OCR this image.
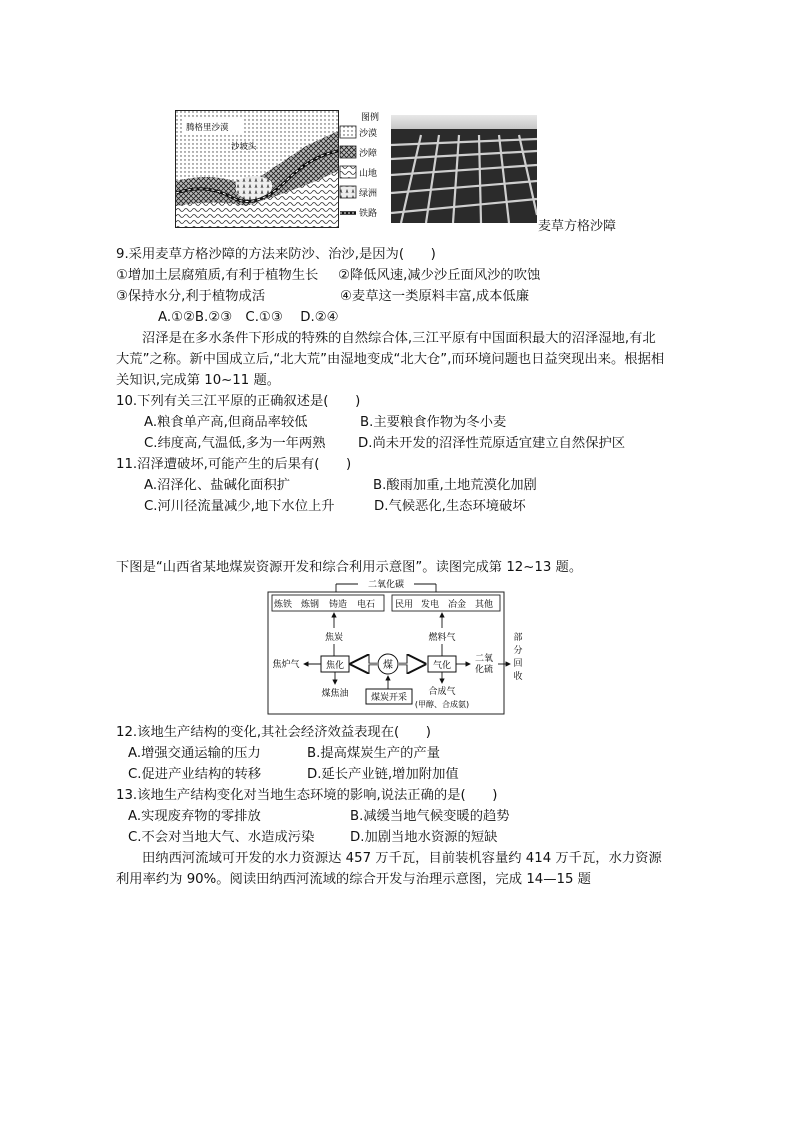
腾格里沙漠
沙坡头
图例
沙漠
沙障
山地
绿洲
铁路
麦草方格沙障
9.采用麦草方格沙障的方法来防沙、治沙,是因为(　　)
①增加土层腐殖质,有利于植物生长 ②降低风速,减少沙丘面风沙的吹蚀
③保持水分,利于植物成活	④麦草这一类原料丰富,成本低廉
A.①②B.②③　C.①③　 D.②④
沼泽是在多水条件下形成的特殊的自然综合体,三江平原有中国面积最大的沼泽湿地,有北
大荒”之称。新中国成立后,“北大荒”由湿地变成“北大仓”,而环境问题也日益突现出来。根据相
关知识,完成第 10~11 题。
10.下列有关三江平原的正确叙述是(　　)
A.粮食单产高,但商品率较低	B.主要粮食作物为冬小麦
C.纬度高,气温低,多为一年两熟 D.尚未开发的沼泽性荒原适宜建立自然保护区
11.沼泽遭破坏,可能产生的后果有(　　)
A.沼泽化、盐碱化面积扩	B.酸雨加重,土地荒漠化加剧
C.河川径流量减少,地下水位上升	D.气候恶化,生态环境破坏
下图是“山西省某地煤炭资源开发和综合利用示意图”。读图完成第 12~13 题。
二氧化碳
炼铁 炼钢 铸造 电石 民用 发电 冶金 其他
焦炭	燃料气
焦化
焦炉气
煤焦油
煤	气化
二氧
化硫
部
分
回
收
合成气
(甲醇、合成氨)
煤炭开采
12.该地生产结构的变化,其社会经济效益表现在(　　)
A.增强交通运输的压力	B.提高煤炭生产的产量
C.促进产业结构的转移	D.延长产业链,增加附加值
13.该地生产结构变化对当地生态环境的影响,说法正确的是(　　)
A.实现废弃物的零排放	B.减缓当地气候变暖的趋势
C.不会对当地大气、水造成污染	D.加剧当地水资源的短缺
田纳西河流域可开发的水力资源达 457 万千瓦，目前装机容量约 414 万千瓦，水力资源
利用率约为 90%。阅读田纳西河流域的综合开发与治理示意图，完成 14—15 题
